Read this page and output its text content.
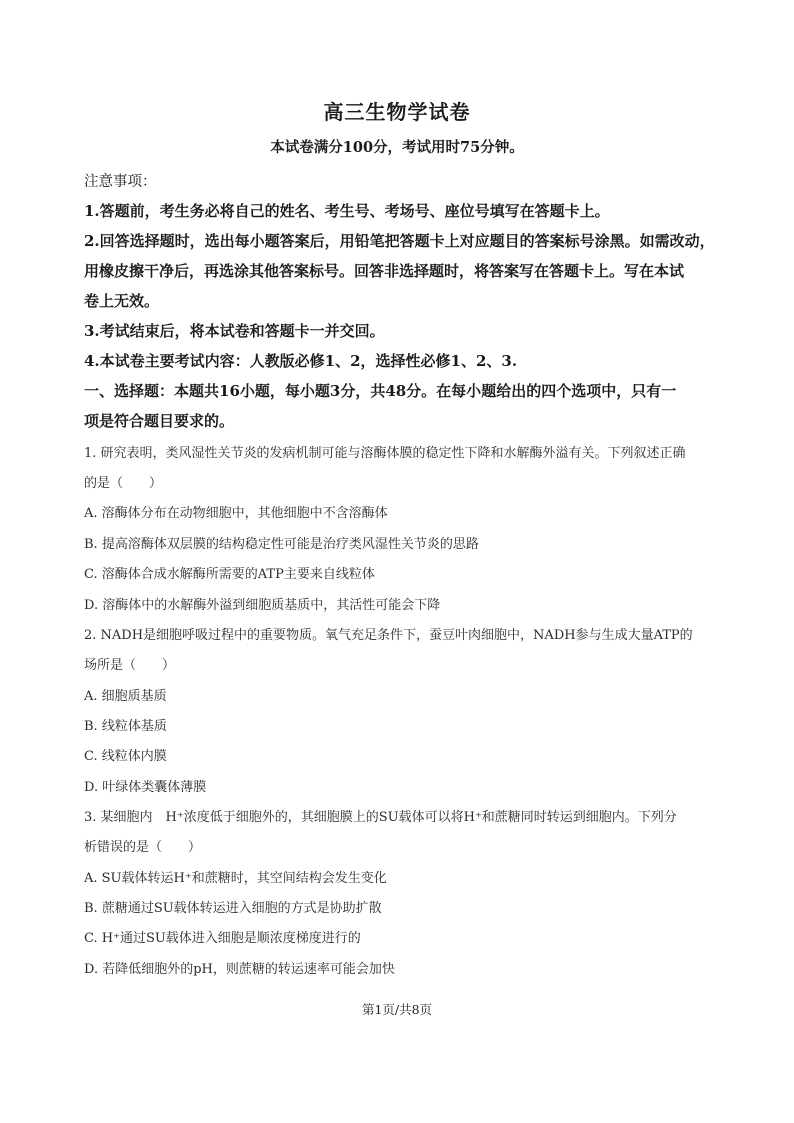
高三生物学试卷
本试卷满分100分，考试用时75分钟。
注意事项：
1.答题前，考生务必将自己的姓名、考生号、考场号、座位号填写在答题卡上。
2.回答选择题时，选出每小题答案后，用铅笔把答题卡上对应题目的答案标号涂黑。如需改动，
用橡皮擦干净后，再选涂其他答案标号。回答非选择题时，将答案写在答题卡上。写在本试
卷上无效。
3.考试结束后，将本试卷和答题卡一并交回。
4.本试卷主要考试内容：人教版必修1、2，选择性必修1、2、3.
一、选择题：本题共16小题，每小题3分，共48分。在每小题给出的四个选项中，只有一
项是符合题目要求的。
1. 研究表明，类风湿性关节炎的发病机制可能与溶酶体膜的稳定性下降和水解酶外溢有关。下列叙述正确
的是（　　）
A. 溶酶体分布在动物细胞中，其他细胞中不含溶酶体
B. 提高溶酶体双层膜的结构稳定性可能是治疗类风湿性关节炎的思路
C. 溶酶体合成水解酶所需要的ATP主要来自线粒体
D. 溶酶体中的水解酶外溢到细胞质基质中，其活性可能会下降
2. NADH是细胞呼吸过程中的重要物质。氧气充足条件下，蚕豆叶肉细胞中，NADH参与生成大量ATP的
场所是（　　）
A. 细胞质基质
B. 线粒体基质
C. 线粒体内膜
D. 叶绿体类囊体薄膜
3. 某细胞内　H⁺浓度低于细胞外的，其细胞膜上的SU载体可以将H⁺和蔗糖同时转运到细胞内。下列分
析错误的是（　　）
A. SU载体转运H⁺和蔗糖时，其空间结构会发生变化
B. 蔗糖通过SU载体转运进入细胞的方式是协助扩散
C. H⁺通过SU载体进入细胞是顺浓度梯度进行的
D. 若降低细胞外的pH，则蔗糖的转运速率可能会加快
第1页/共8页
